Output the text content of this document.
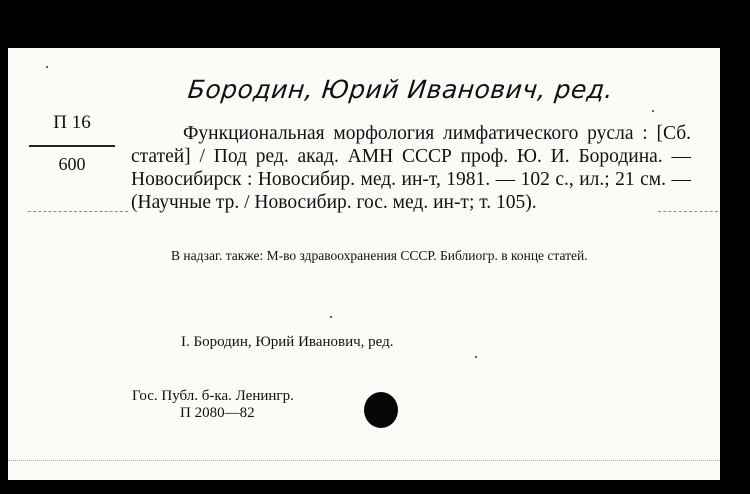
Бородин, Юрий Иванович, ред.
П 16
600
Функциональная морфология лимфатического русла : [Сб. статей] / Под ред. акад. АМН СССР проф. Ю. И. Бородина. — Новосибирск : Новосибир. мед. ин-т, 1981. — 102 с., ил.; 21 см. — (Научные тр. / Новосибир. гос. мед. ин-т; т. 105).
В надзаг. также: М-во здравоохранения СССР. Библиогр. в конце статей.
I. Бородин, Юрий Иванович, ред.
Гос. Публ. б-ка. Ленингр.
П 2080—82
